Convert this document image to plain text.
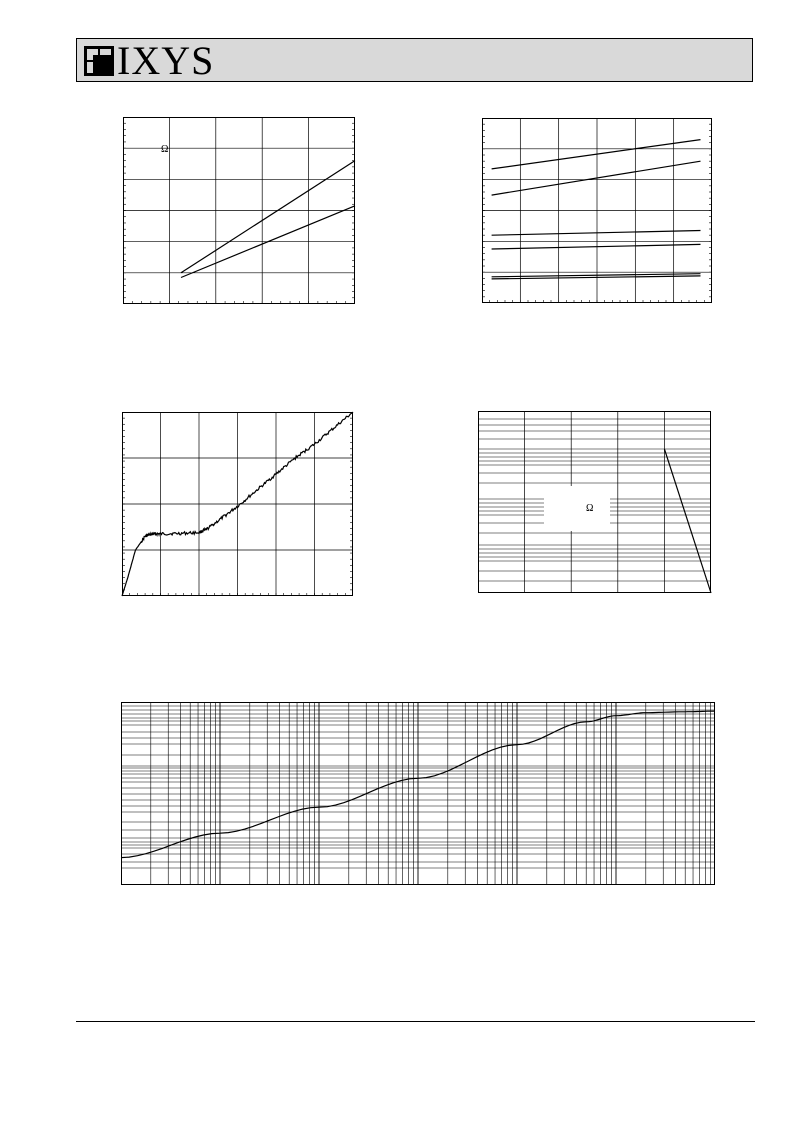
IXYS
Ω
Ω
